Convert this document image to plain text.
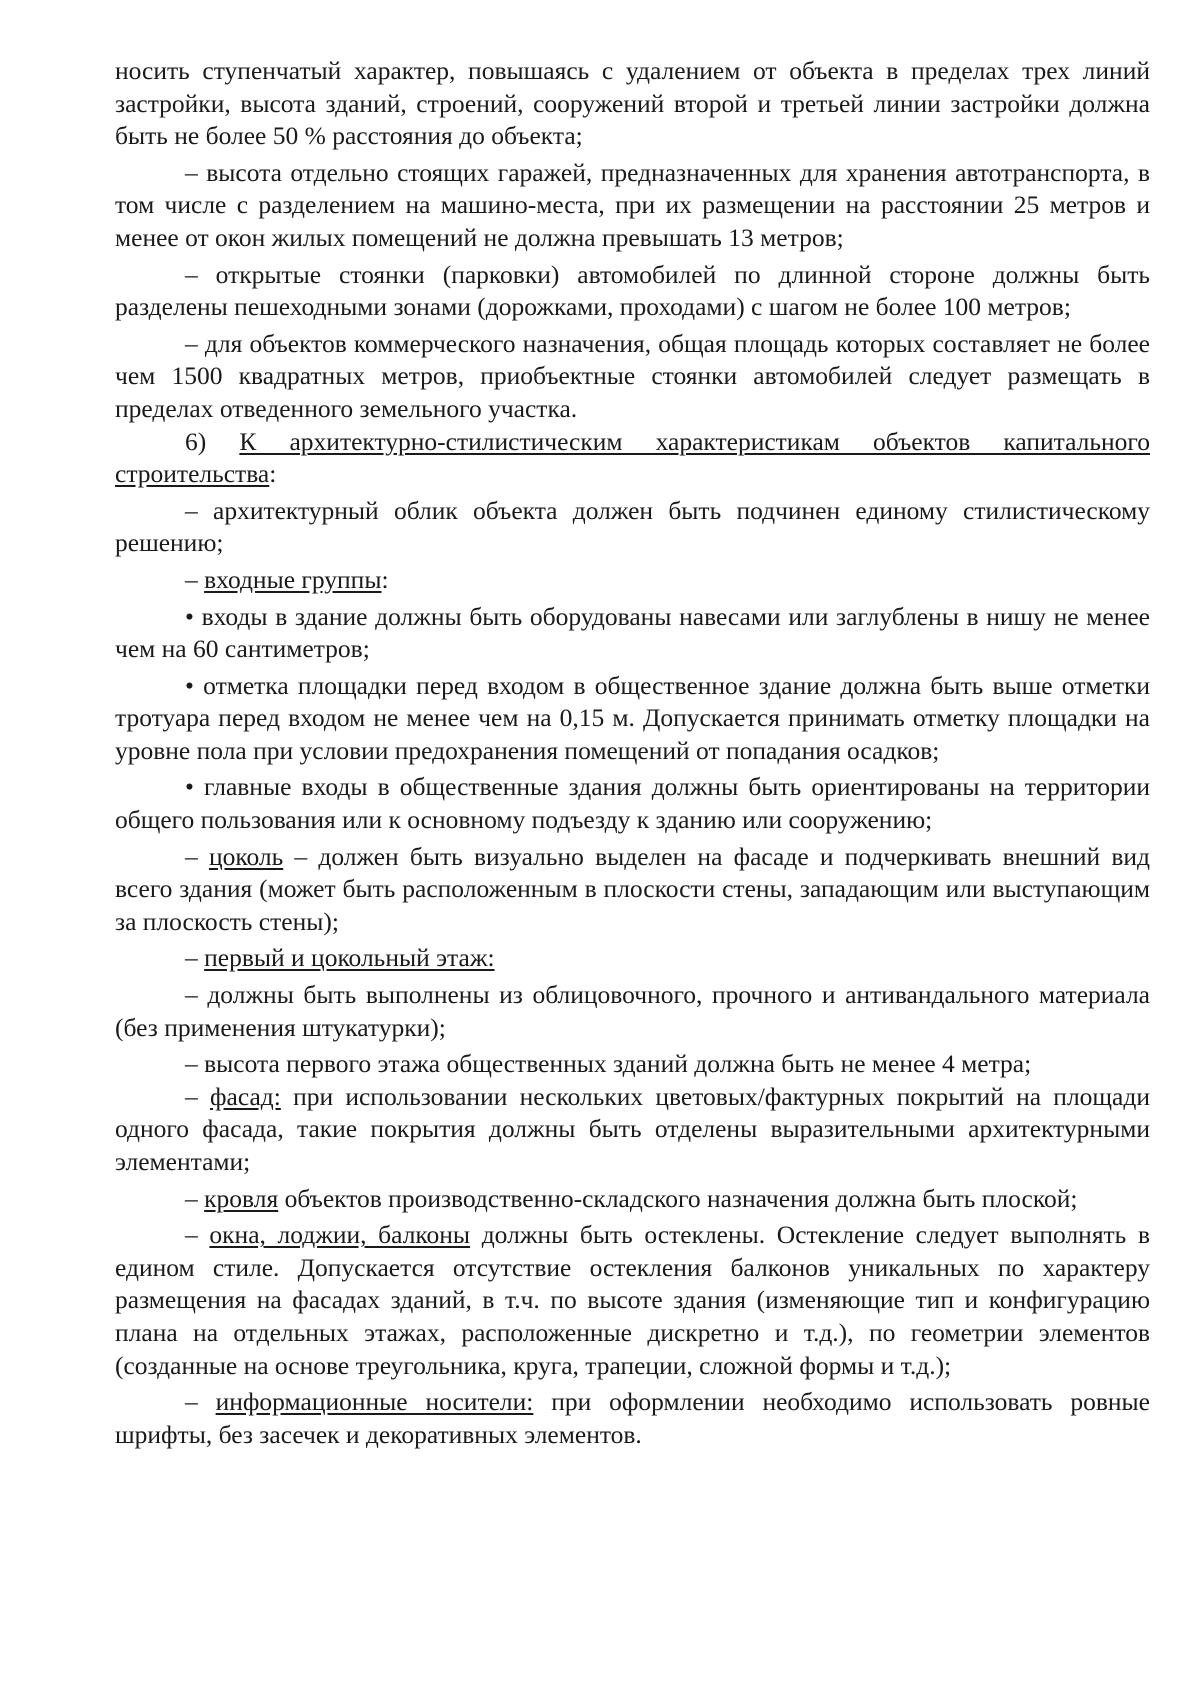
носить ступенчатый характер, повышаясь с удалением от объекта в пределах трех линий застройки, высота зданий, строений, сооружений второй и третьей линии застройки должна быть не более 50 % расстояния до объекта;

– высота отдельно стоящих гаражей, предназначенных для хранения автотранспорта, в том числе с разделением на машино-места, при их размещении на расстоянии 25 метров и менее от окон жилых помещений не должна превышать 13 метров;

– открытые стоянки (парковки) автомобилей по длинной стороне должны быть разделены пешеходными зонами (дорожками, проходами) с шагом не более 100 метров;

– для объектов коммерческого назначения, общая площадь которых составляет не более чем 1500 квадратных метров, приобъектные стоянки автомобилей следует размещать в пределах отведенного земельного участка.

6) К архитектурно-стилистическим характеристикам объектов капитального строительства:

– архитектурный облик объекта должен быть подчинен единому стилистическому решению;

– входные группы:

• входы в здание должны быть оборудованы навесами или заглублены в нишу не менее чем на 60 сантиметров;

• отметка площадки перед входом в общественное здание должна быть выше отметки тротуара перед входом не менее чем на 0,15 м. Допускается принимать отметку площадки на уровне пола при условии предохранения помещений от попадания осадков;

• главные входы в общественные здания должны быть ориентированы на территории общего пользования или к основному подъезду к зданию или сооружению;

– цоколь – должен быть визуально выделен на фасаде и подчеркивать внешний вид всего здания (может быть расположенным в плоскости стены, западающим или выступающим за плоскость стены);

– первый и цокольный этаж:

– должны быть выполнены из облицовочного, прочного и антивандального материала (без применения штукатурки);

– высота первого этажа общественных зданий должна быть не менее 4 метра;

– фасад: при использовании нескольких цветовых/фактурных покрытий на площади одного фасада, такие покрытия должны быть отделены выразительными архитектурными элементами;

– кровля объектов производственно-складского назначения должна быть плоской;

– окна, лоджии, балконы должны быть остеклены. Остекление следует выполнять в едином стиле. Допускается отсутствие остекления балконов уникальных по характеру размещения на фасадах зданий, в т.ч. по высоте здания (изменяющие тип и конфигурацию плана на отдельных этажах, расположенные дискретно и т.д.), по геометрии элементов (созданные на основе треугольника, круга, трапеции, сложной формы и т.д.);

– информационные носители: при оформлении необходимо использовать ровные шрифты, без засечек и декоративных элементов.
